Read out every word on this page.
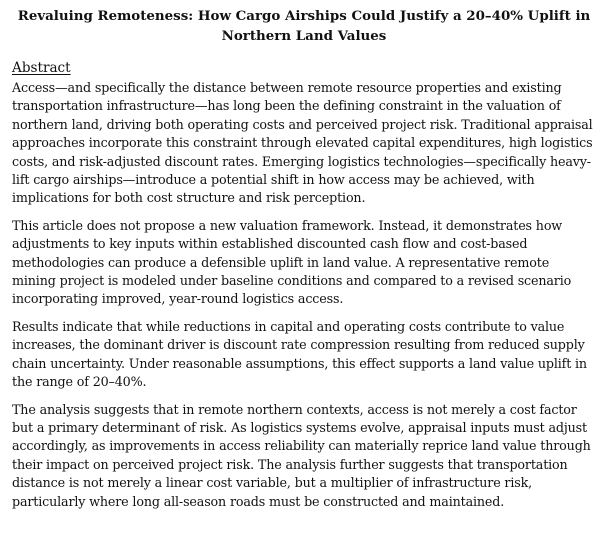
Revaluing Remoteness: How Cargo Airships Could Justify a 20–40% Uplift in Northern Land Values
Abstract

Access—and specifically the distance between remote resource properties and existing transportation infrastructure—has long been the defining constraint in the valuation of northern land, driving both operating costs and perceived project risk. Traditional appraisal approaches incorporate this constraint through elevated capital expenditures, high logistics costs, and risk-adjusted discount rates. Emerging logistics technologies—specifically heavy-lift cargo airships—introduce a potential shift in how access may be achieved, with implications for both cost structure and risk perception.

This article does not propose a new valuation framework. Instead, it demonstrates how adjustments to key inputs within established discounted cash flow and cost-based methodologies can produce a defensible uplift in land value. A representative remote mining project is modeled under baseline conditions and compared to a revised scenario incorporating improved, year-round logistics access.

Results indicate that while reductions in capital and operating costs contribute to value increases, the dominant driver is discount rate compression resulting from reduced supply chain uncertainty. Under reasonable assumptions, this effect supports a land value uplift in the range of 20–40%.

The analysis suggests that in remote northern contexts, access is not merely a cost factor but a primary determinant of risk. As logistics systems evolve, appraisal inputs must adjust accordingly, as improvements in access reliability can materially reprice land value through their impact on perceived project risk. The analysis further suggests that transportation distance is not merely a linear cost variable, but a multiplier of infrastructure risk, particularly where long all-season roads must be constructed and maintained.
